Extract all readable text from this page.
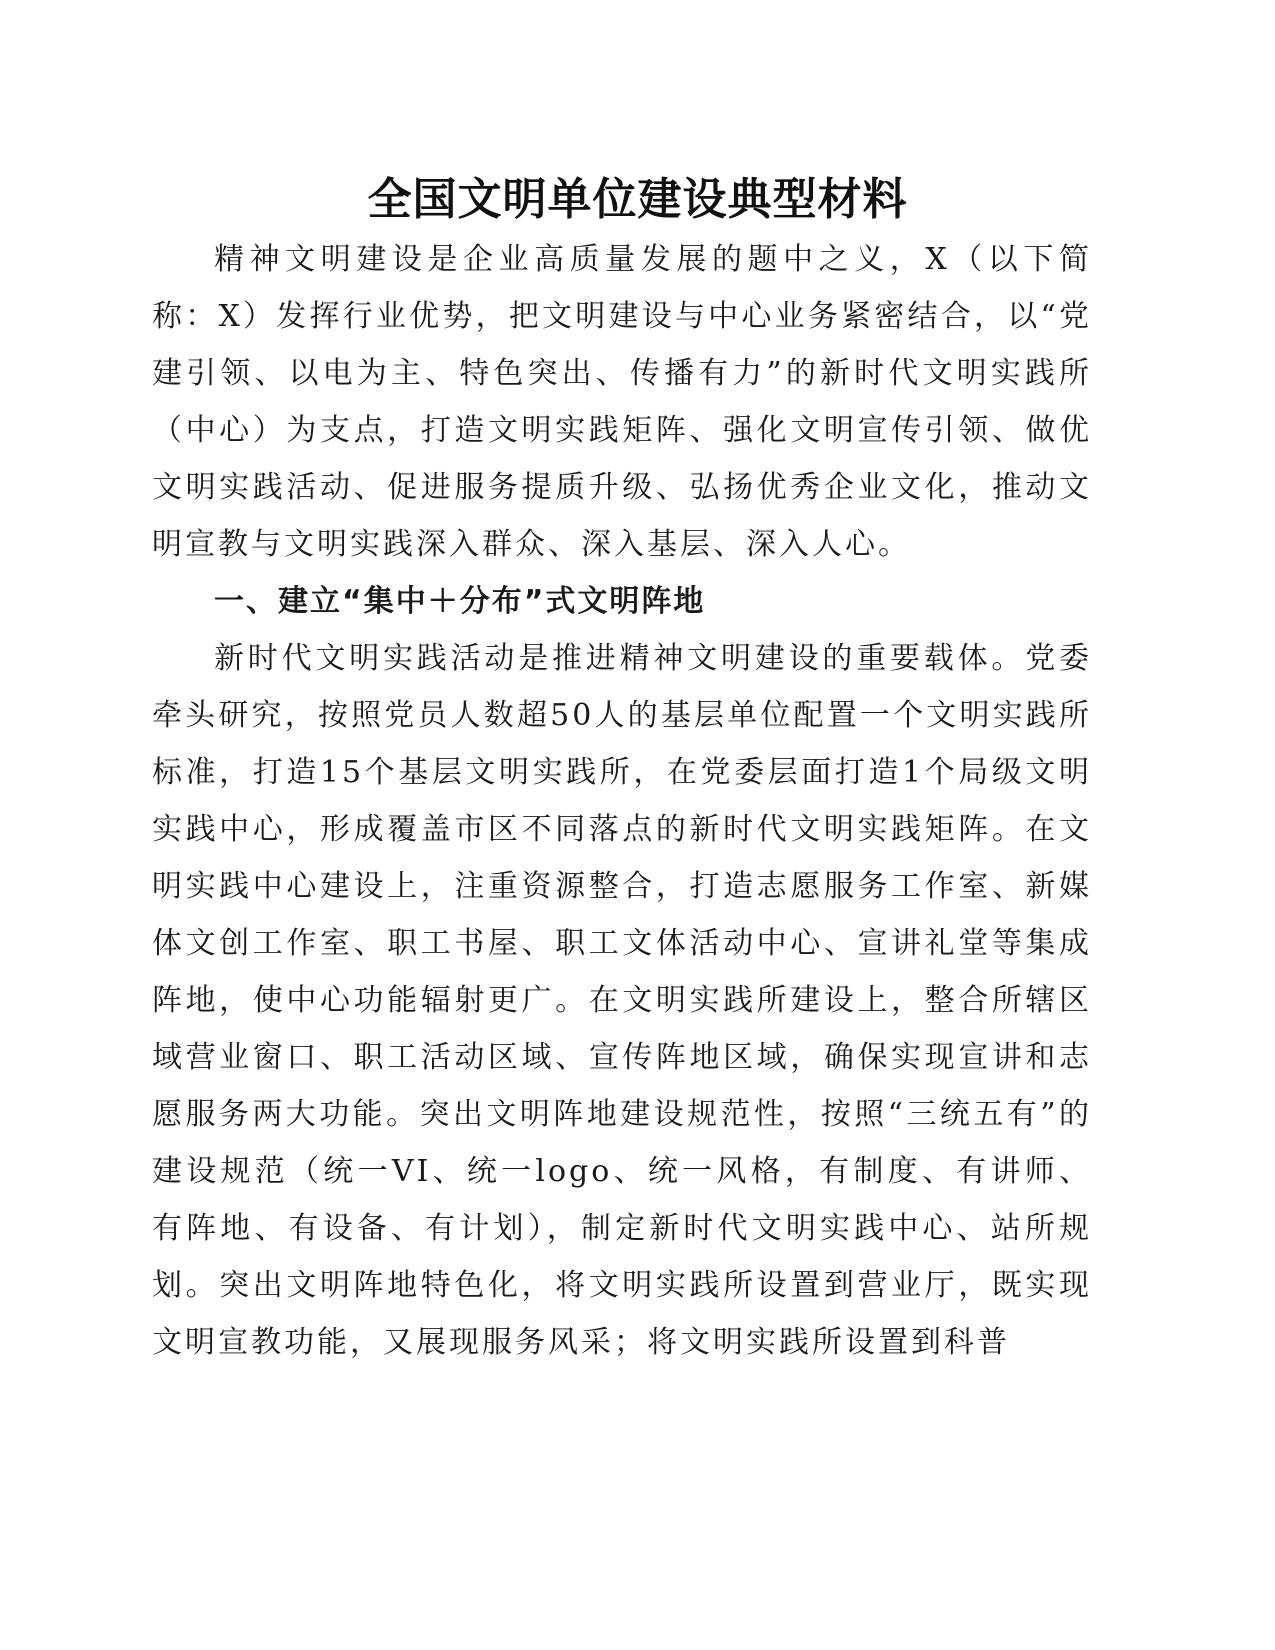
全国文明单位建设典型材料

精神文明建设是企业高质量发展的题中之义，X（以下简称：X）发挥行业优势，把文明建设与中心业务紧密结合，以“党建引领、以电为主、特色突出、传播有力”的新时代文明实践所（中心）为支点，打造文明实践矩阵、强化文明宣传引领、做优文明实践活动、促进服务提质升级、弘扬优秀企业文化，推动文明宣教与文明实践深入群众、深入基层、深入人心。

一、建立“集中＋分布”式文明阵地

新时代文明实践活动是推进精神文明建设的重要载体。党委牵头研究，按照党员人数超50人的基层单位配置一个文明实践所标准，打造15个基层文明实践所，在党委层面打造1个局级文明实践中心，形成覆盖市区不同落点的新时代文明实践矩阵。在文明实践中心建设上，注重资源整合，打造志愿服务工作室、新媒体文创工作室、职工书屋、职工文体活动中心、宣讲礼堂等集成阵地，使中心功能辐射更广。在文明实践所建设上，整合所辖区域营业窗口、职工活动区域、宣传阵地区域，确保实现宣讲和志愿服务两大功能。突出文明阵地建设规范性，按照“三统五有”的建设规范（统一VI、统一logo、统一风格，有制度、有讲师、有阵地、有设备、有计划），制定新时代文明实践中心、站所规划。突出文明阵地特色化，将文明实践所设置到营业厅，既实现文明宣教功能，又展现服务风采；将文明实践所设置到科普
